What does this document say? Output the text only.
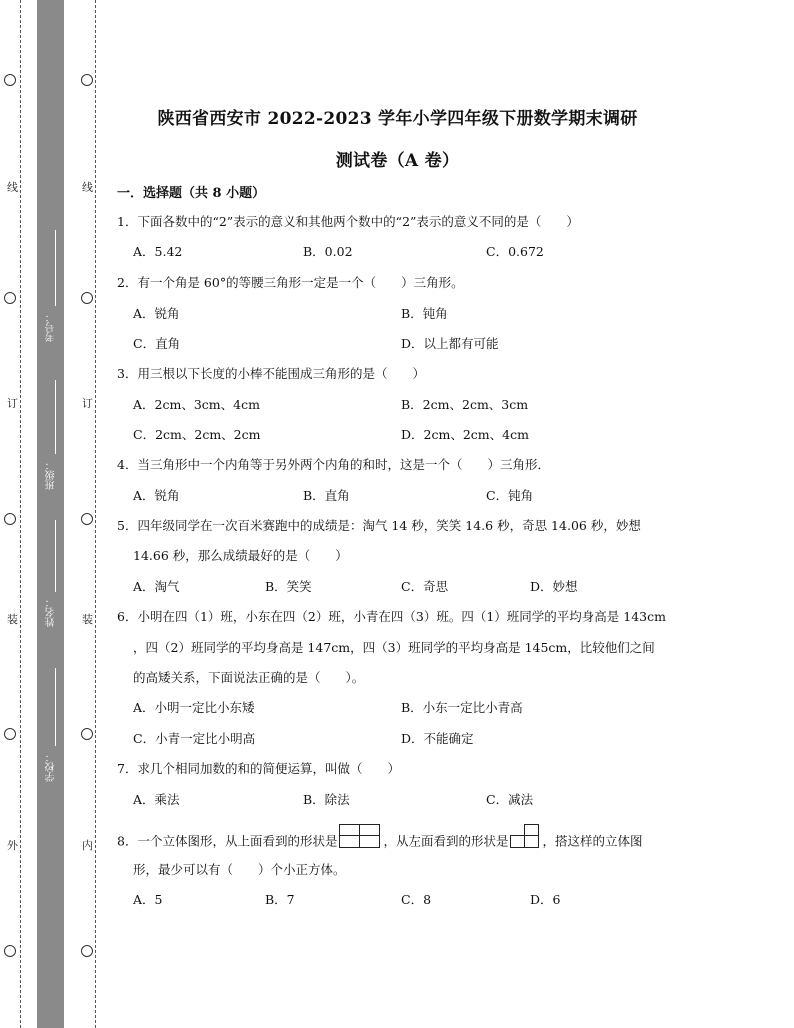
线
订
装
外
线
订
装
内
考号：
班级：
姓名：
学校：
陕西省西安市 2022-2023 学年小学四年级下册数学期末调研
测试卷（A 卷）
一．选择题（共 8 小题）
1．下面各数中的“2”表示的意义和其他两个数中的“2”表示的意义不同的是（　　）
A．5.42	B．0.02	C．0.672
2．有一个角是 60°的等腰三角形一定是一个（　　）三角形。
A．锐角	B．钝角
C．直角	D．以上都有可能
3．用三根以下长度的小棒不能围成三角形的是（　　）
A．2cm、3cm、4cm	B．2cm、2cm、3cm
C．2cm、2cm、2cm	D．2cm、2cm、4cm
4．当三角形中一个内角等于另外两个内角的和时，这是一个（　　）三角形．
A．锐角	B．直角	C．钝角
5．四年级同学在一次百米赛跑中的成绩是：淘气 14 秒，笑笑 14.6 秒，奇思 14.06 秒，妙想
14.66 秒，那么成绩最好的是（　　）
A．淘气	B．笑笑	C．奇思	D．妙想
6．小明在四（1）班，小东在四（2）班，小青在四（3）班。四（1）班同学的平均身高是 143cm
，四（2）班同学的平均身高是 147cm，四（3）班同学的平均身高是 145cm，比较他们之间
的高矮关系，下面说法正确的是（　　）。
A．小明一定比小东矮	B．小东一定比小青高
C．小青一定比小明高	D．不能确定
7．求几个相同加数的和的简便运算，叫做（　　）
A．乘法	B．除法	C．减法
8．一个立体图形，从上面看到的形状是	，从左面看到的形状是	，搭这样的立体图
形，最少可以有（　　）个小正方体。
A．5	B．7	C．8	D．6
